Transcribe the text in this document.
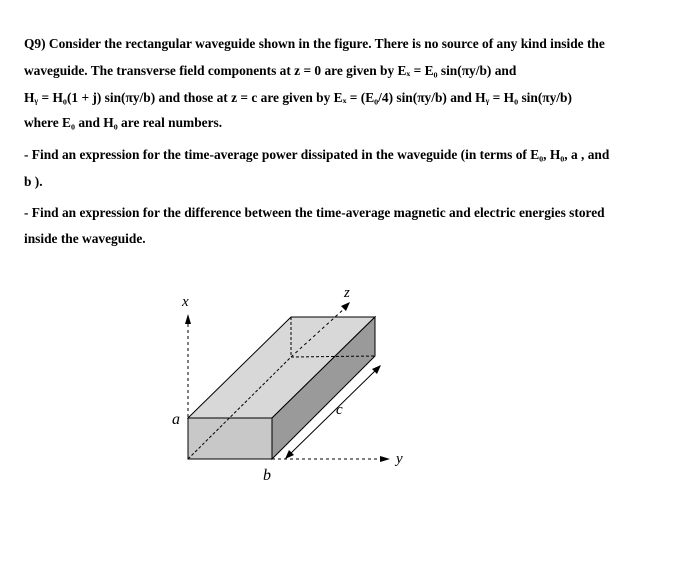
Q9) Consider the rectangular waveguide shown in the figure. There is no source of any kind inside the
waveguide. The transverse field components at z = 0 are given by Eₓ = E₀ sin(πy/b) and
Hᵧ = H₀(1 + j) sin(πy/b) and those at z = c are given by Eₓ = (E₀/4) sin(πy/b) and Hᵧ = H₀ sin(πy/b)
where E₀ and H₀ are real numbers.
- Find an expression for the time-average power dissipated in the waveguide (in terms of E₀, H₀, a , and
b ).
- Find an expression for the difference between the time-average magnetic and electric energies stored
inside the waveguide.
x
y
z
c
a
b
